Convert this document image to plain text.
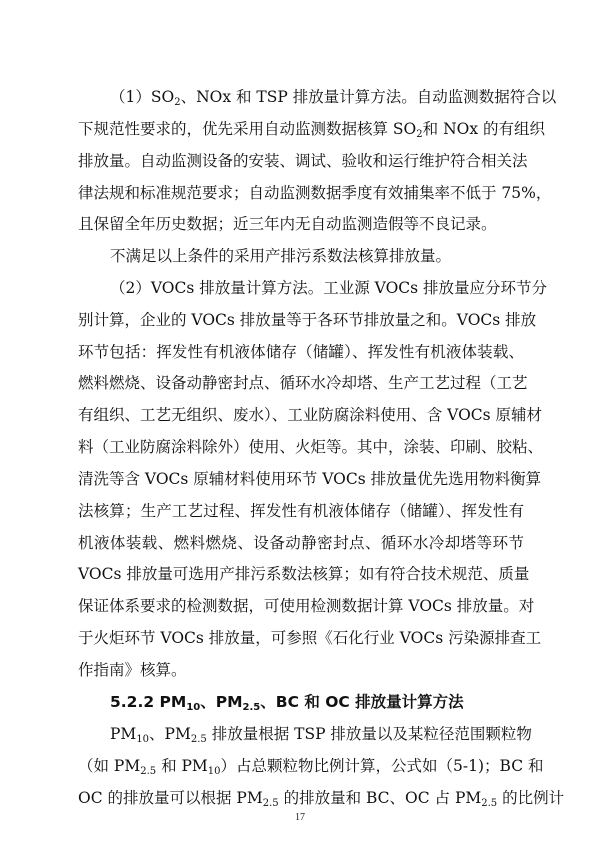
$(1)SO_2$、NOx 和 TSP 排放量计算方法。自动监测数据符合以
下规范性要求的，优先采用自动监测数据核算 $SO_2$和 NOx 的有组织
排放量。自动监测设备的安装、调试、验收和运行维护符合相关法
律法规和标准规范要求；自动监测数据季度有效捕集率不低于 75%，
且保留全年历史数据；近三年内无自动监测造假等不良记录。
不满足以上条件的采用产排污系数法核算排放量。
（2）VOCs 排放量计算方法。工业源 VOCs 排放量应分环节分
别计算，企业的 VOCs 排放量等于各环节排放量之和。VOCs 排放
环节包括：挥发性有机液体储存（储罐）、挥发性有机液体装载、
燃料燃烧、设备动静密封点、循环水冷却塔、生产工艺过程（工艺
有组织、工艺无组织、废水）、工业防腐涂料使用、含 VOCs 原辅材
料（工业防腐涂料除外）使用、火炬等。其中，涂装、印刷、胶粘、
清洗等含 VOCs 原辅材料使用环节 VOCs 排放量优先选用物料衡算
法核算；生产工艺过程、挥发性有机液体储存（储罐）、挥发性有
机液体装载、燃料燃烧、设备动静密封点、循环水冷却塔等环节
VOCs 排放量可选用产排污系数法核算；如有符合技术规范、质量
保证体系要求的检测数据，可使用检测数据计算 VOCs 排放量。对
于火炬环节 VOCs 排放量，可参照《石化行业 VOCs 污染源排查工
作指南》核算。
5.2.2 $PM_{10}$、$PM_{2.5}$、BC 和 OC 排放量计算方法
$PM_{10}$、$PM_{2.5}$ 排放量根据 TSP 排放量以及某粒径范围颗粒物
（如 $PM_{2.5}$ 和 $PM_{10}$）占总颗粒物比例计算，公式如（5-1)；BC 和
OC 的排放量可以根据 $PM_{2.5}$ 的排放量和 BC、OC 占 $PM_{2.5}$ 的比例计
17
